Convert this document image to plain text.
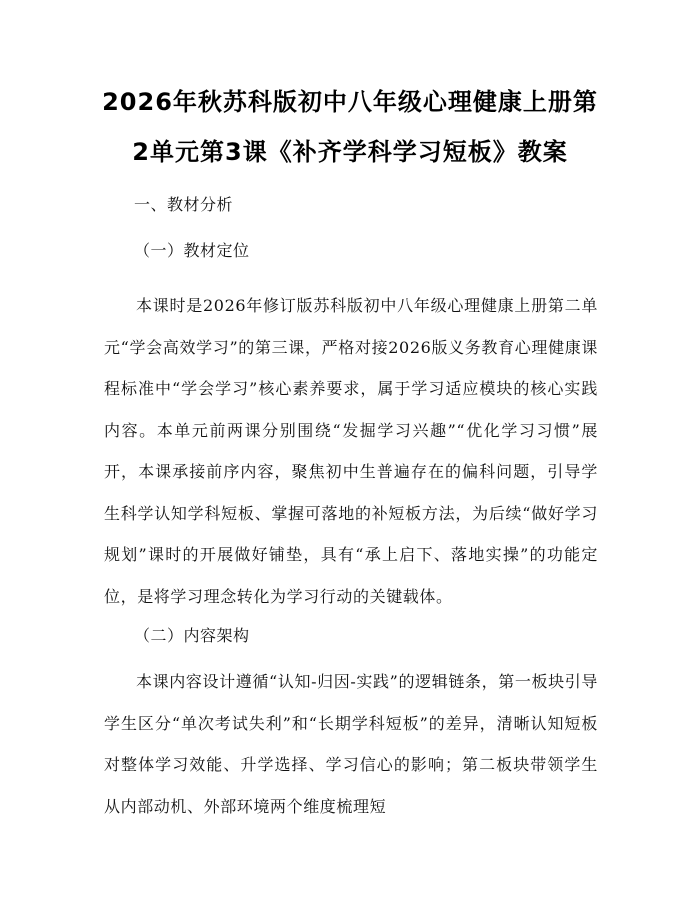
2026年秋苏科版初中八年级心理健康上册第
2单元第3课《补齐学科学习短板》教案
一、教材分析
（一）教材定位

本课时是2026年修订版苏科版初中八年级心理健康上册第二单元“学会高效学习”的第三课，严格对接2026版义务教育心理健康课程标准中“学会学习”核心素养要求，属于学习适应模块的核心实践内容。本单元前两课分别围绕“发掘学习兴趣”“优化学习习惯”展开，本课承接前序内容，聚焦初中生普遍存在的偏科问题，引导学生科学认知学科短板、掌握可落地的补短板方法，为后续“做好学习规划”课时的开展做好铺垫，具有“承上启下、落地实操”的功能定位，是将学习理念转化为学习行动的关键载体。

（二）内容架构

本课内容设计遵循“认知-归因-实践”的逻辑链条，第一板块引导学生区分“单次考试失利”和“长期学科短板”的差异，清晰认知短板对整体学习效能、升学选择、学习信心的影响；第二板块带领学生从内部动机、外部环境两个维度梳理短
